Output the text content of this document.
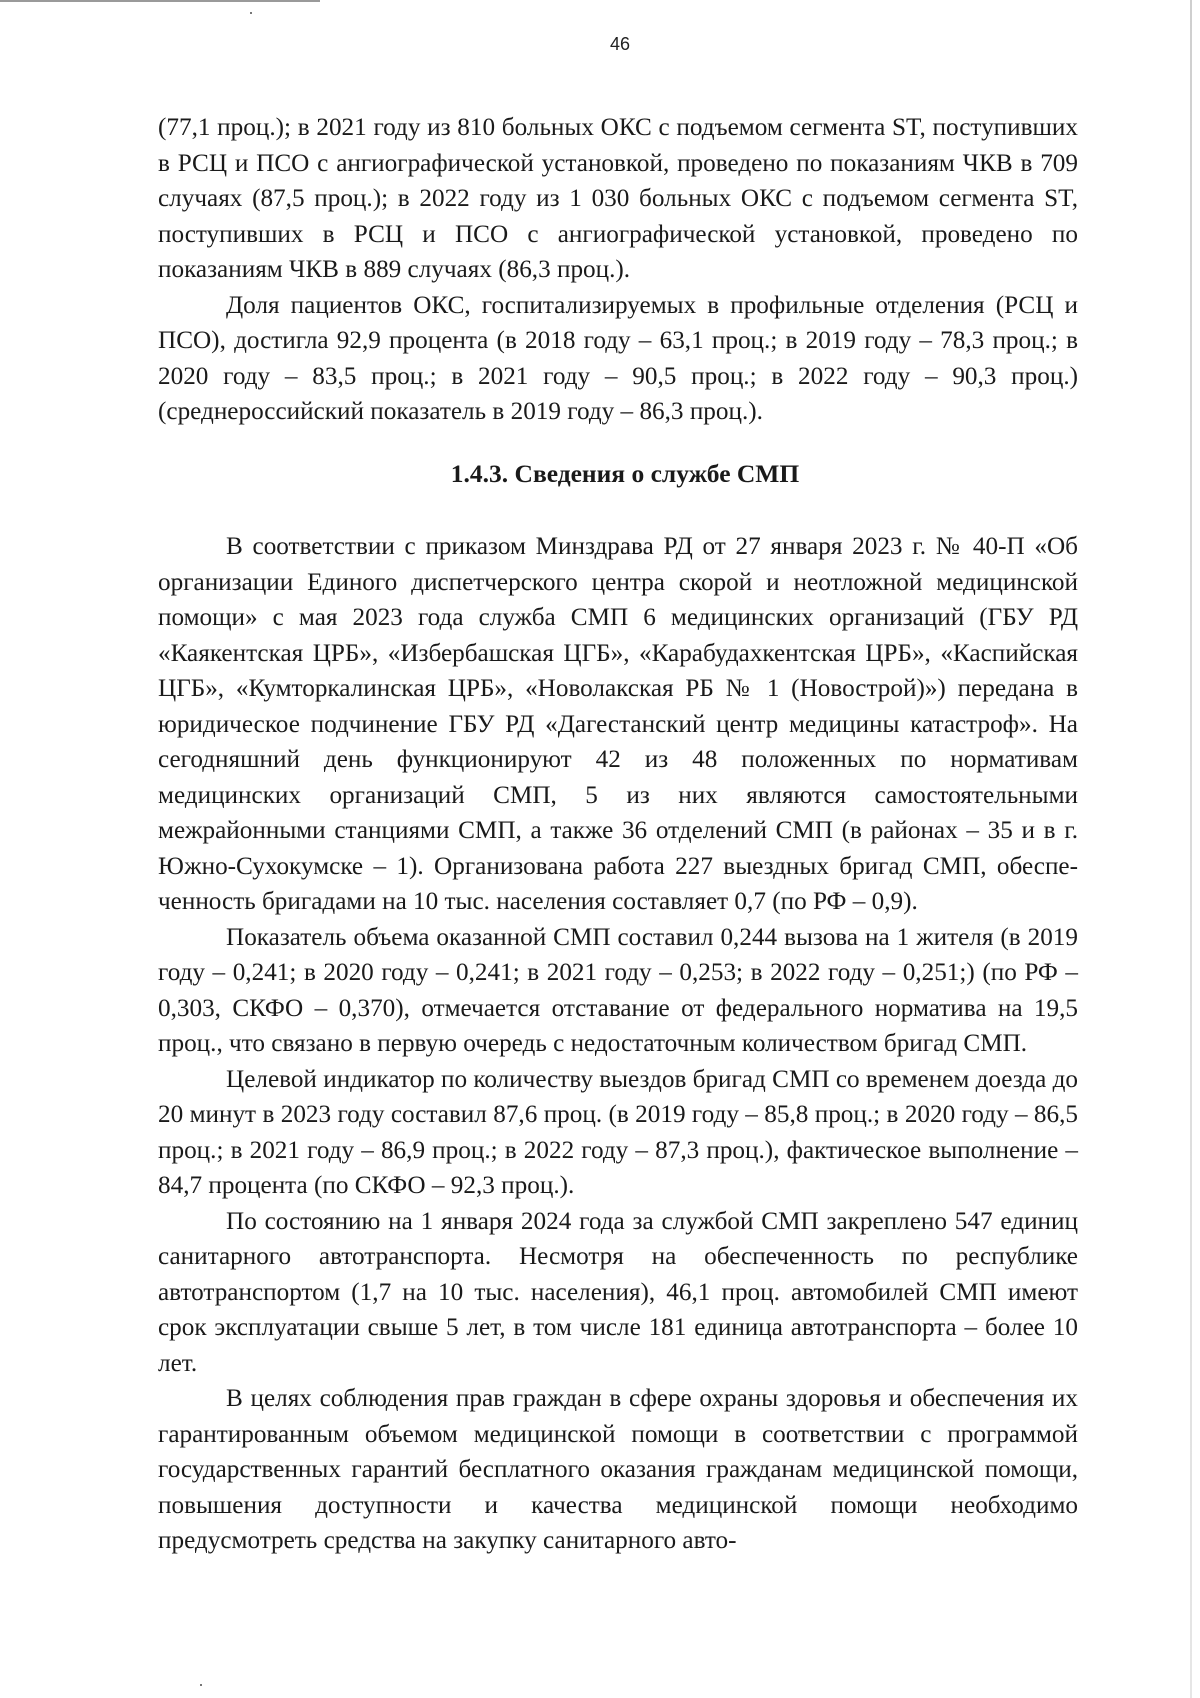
46

(77,1 проц.); в 2021 году из 810 больных ОКС с подъемом сегмента ST, поступивших в РСЦ и ПСО с ангиографической установкой, проведено по показаниям ЧКВ в 709 случаях (87,5 проц.); в 2022 году из 1 030 больных ОКС с подъемом сегмента ST, поступивших в РСЦ и ПСО с ангиографической установкой, проведено по показаниям ЧКВ в 889 случаях (86,3 проц.).

Доля пациентов ОКС, госпитализируемых в профильные отделения (РСЦ и ПСО), достигла 92,9 процента (в 2018 году – 63,1 проц.; в 2019 году – 78,3 проц.; в 2020 году – 83,5 проц.; в 2021 году – 90,5 проц.; в 2022 году – 90,3 проц.) (среднероссийский показатель в 2019 году – 86,3 проц.).

1.4.3. Сведения о службе СМП

В соответствии с приказом Минздрава РД от 27 января 2023 г. № 40-П «Об организации Единого диспетчерского центра скорой и неотложной медицинской помощи» с мая 2023 года служба СМП 6 медицинских организаций (ГБУ РД «Каякентская ЦРБ», «Избербашская ЦГБ», «Карабудахкентская ЦРБ», «Каспийская ЦГБ», «Кумторкалинская ЦРБ», «Новолакская РБ № 1 (Новострой)») передана в юридическое подчинение ГБУ РД «Дагестанский центр медицины катастроф». На сегодняшний день функционируют 42 из 48 положенных по нормативам медицинских организаций СМП, 5 из них являются самостоятельными межрайонными станциями СМП, а также 36 отделений СМП (в районах – 35 и в г. Южно-Сухокумске – 1). Организована работа 227 выездных бригад СМП, обеспеченность бригадами на 10 тыс. населения составляет 0,7 (по РФ – 0,9).

Показатель объема оказанной СМП составил 0,244 вызова на 1 жителя (в 2019 году – 0,241; в 2020 году – 0,241; в 2021 году – 0,253; в 2022 году – 0,251;) (по РФ – 0,303, СКФО – 0,370), отмечается отставание от федерального норматива на 19,5 проц., что связано в первую очередь с недостаточным количеством бригад СМП.

Целевой индикатор по количеству выездов бригад СМП со временем доезда до 20 минут в 2023 году составил 87,6 проц. (в 2019 году – 85,8 проц.; в 2020 году – 86,5 проц.; в 2021 году – 86,9 проц.; в 2022 году – 87,3 проц.), фактическое выполнение – 84,7 процента (по СКФО – 92,3 проц.).

По состоянию на 1 января 2024 года за службой СМП закреплено 547 единиц санитарного автотранспорта. Несмотря на обеспеченность по республике автотранспортом (1,7 на 10 тыс. населения), 46,1 проц. автомобилей СМП имеют срок эксплуатации свыше 5 лет, в том числе 181 единица автотранспорта – более 10 лет.

В целях соблюдения прав граждан в сфере охраны здоровья и обеспечения их гарантированным объемом медицинской помощи в соответствии с программой государственных гарантий бесплатного оказания гражданам медицинской помощи, повышения доступности и качества медицинской помощи необходимо предусмотреть средства на закупку санитарного авто-
